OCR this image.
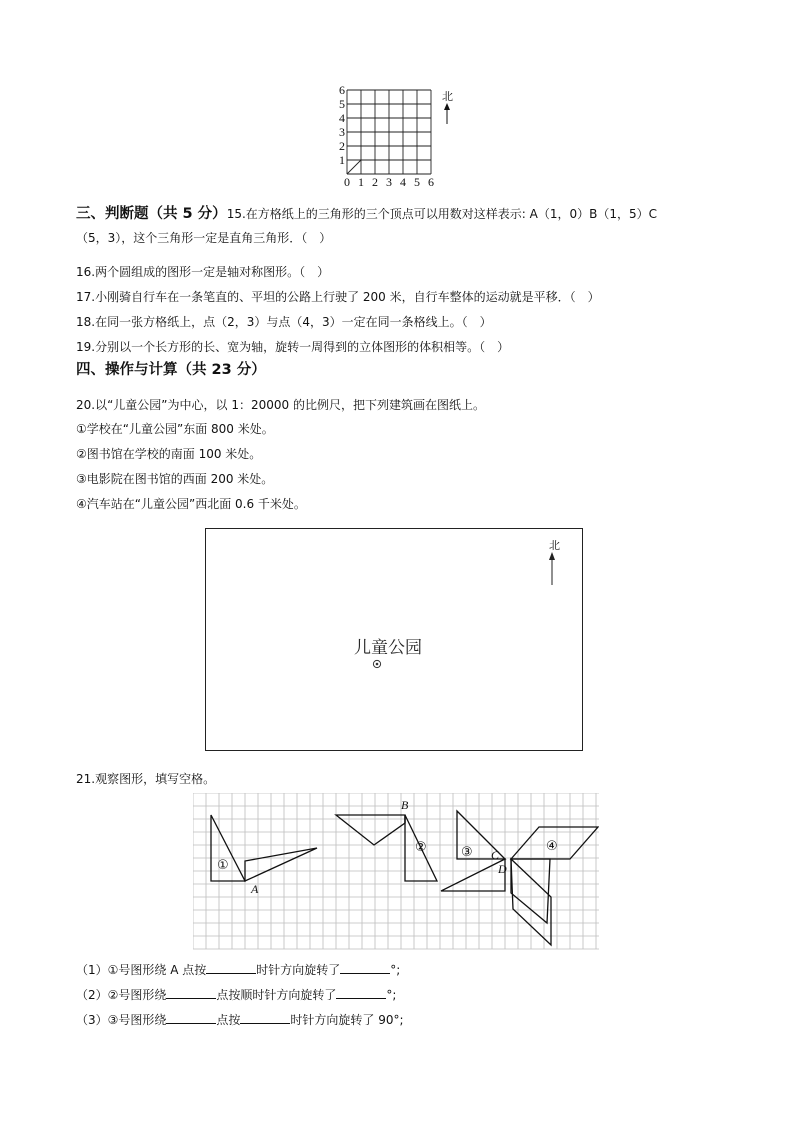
6
5
4
3
2
1
0 1 2 3 4 5 6
北
三、判断题（共 5 分）15.在方格纸上的三角形的三个顶点可以用数对这样表示: A（1，0）B（1，5）C
（5，3），这个三角形一定是直角三角形．（　）
16.两个圆组成的图形一定是轴对称图形。（　）
17.小刚骑自行车在一条笔直的、平坦的公路上行驶了 200 米，自行车整体的运动就是平移．（　）
18.在同一张方格纸上，点（2，3）与点（4，3）一定在同一条格线上。（　）
19.分别以一个长方形的长、宽为轴，旋转一周得到的立体图形的体积相等。（　）
四、操作与计算（共 23 分）
20.以“儿童公园”为中心，以 1：20000 的比例尺，把下列建筑画在图纸上。
①学校在“儿童公园”东面 800 米处。
②图书馆在学校的南面 100 米处。
③电影院在图书馆的西面 200 米处。
④汽车站在“儿童公园”西北面 0.6 千米处。
儿童公园
北
21.观察图形，填写空格。
A
B
C
D
①
②	③	④
（1）①号图形绕 A 点按	时针方向旋转了	°;
（2）②号图形绕	点按顺时针方向旋转了	°;
（3）③号图形绕	点按	时针方向旋转了 90°;
